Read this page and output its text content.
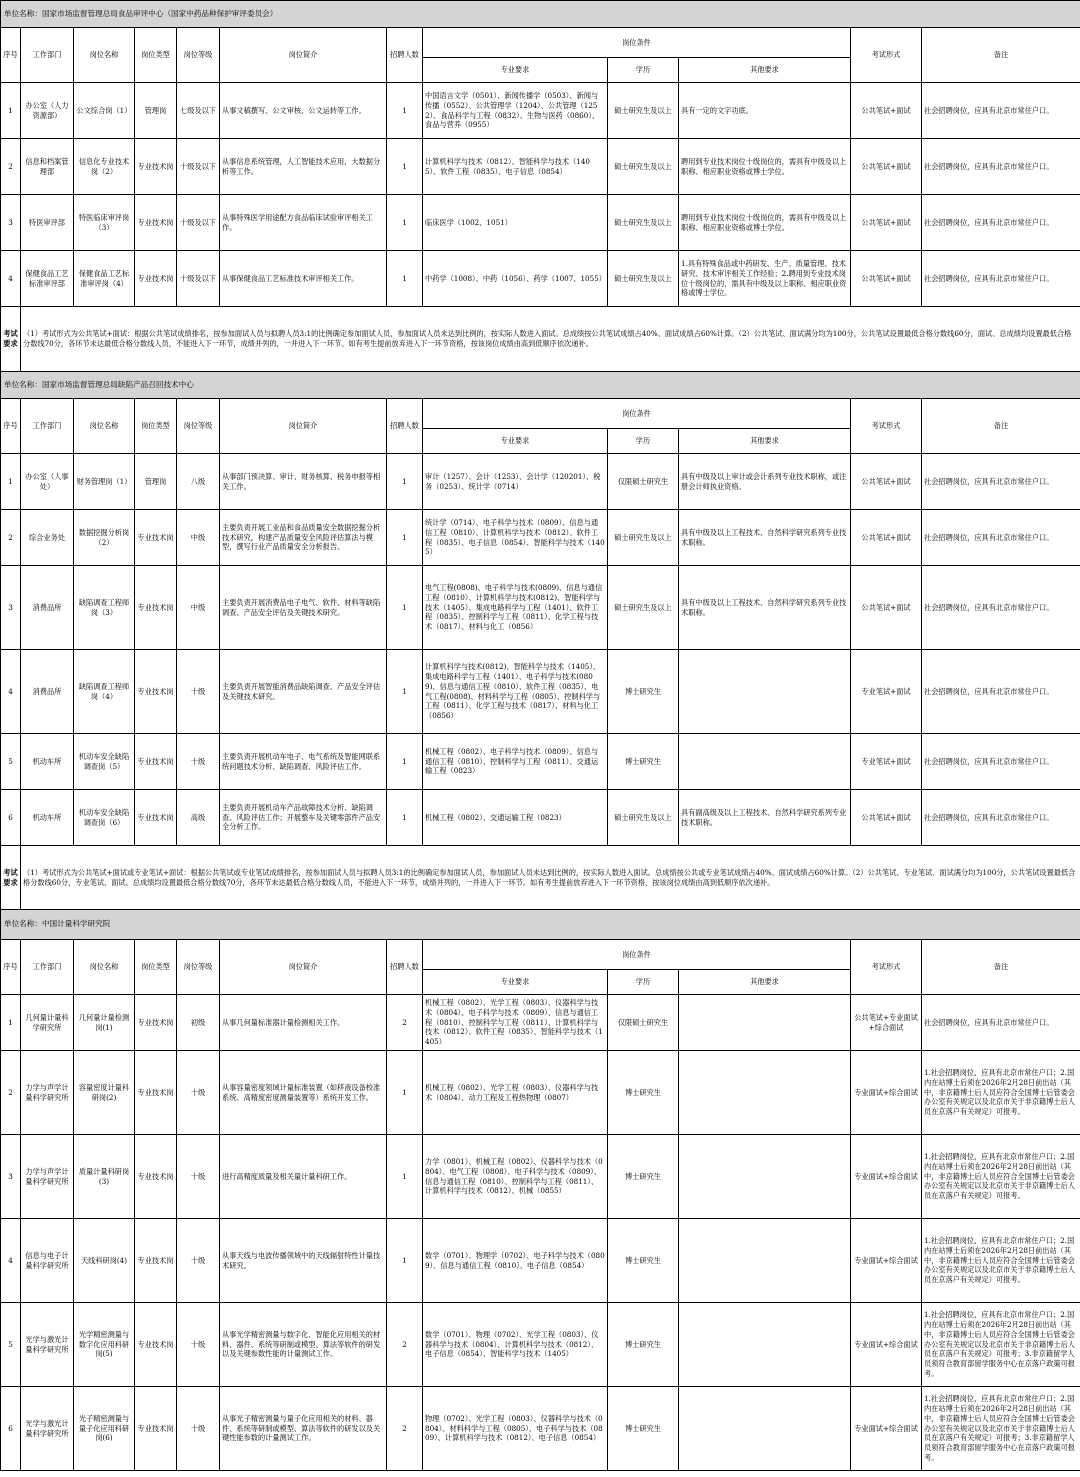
单位名称：国家市场监督管理总局食品审评中心（国家中药品种保护审评委员会）											
序号	工作部门	岗位名称	岗位类型	岗位等级	岗位简介	招聘人数	岗位条件			考试形式	备注
							专业要求	学历	其他要求		
1	办公室（人力资源部）	公文综合岗（1）	管理岗	七级及以下	从事文稿撰写、公文审核、公文运转等工作。	1	中国语言文学（0501）、新闻传播学（0503）、新闻与传播（0552）、公共管理学（1204）、公共管理（1252）、食品科学与工程（0832）、生物与医药（0860）、食品与营养（0955）	硕士研究生及以上	具有一定的文字功底。	公共笔试+面试	社会招聘岗位，应具有北京市常住户口。
2	信息和档案管理部	信息化专业技术岗（2）	专业技术岗	十级及以下	从事信息系统管理，人工智能技术应用，大数据分析等工作。	1	计算机科学与技术（0812）、智能科学与技术（1405）、软件工程（0835）、电子信息（0854）	硕士研究生及以上	聘用到专业技术岗位十级岗位的，需具有中级及以上职称、相应职业资格或博士学位。	公共笔试+面试	社会招聘岗位，应具有北京市常住户口。
3	特医审评部	特医临床审评岗（3）	专业技术岗	十级及以下	从事特殊医学用途配方食品临床试验审评相关工作。	1	临床医学（1002、1051）	硕士研究生及以上	聘用到专业技术岗位十级岗位的，需具有中级及以上职称、相应职业资格或博士学位。	公共笔试+面试	社会招聘岗位，应具有北京市常住户口。
4	保健食品工艺标准审评部	保健食品工艺标准审评岗（4）	专业技术岗	十级及以下	从事保健食品工艺标准技术审评相关工作。	1	中药学（1008）、中药（1056）、药学（1007、1055）	硕士研究生及以上	1.具有特殊食品或中药研发、生产、质量管理、技术研究、技术审评相关工作经验；2.聘用到专业技术岗位十级岗位的，需具有中级及以上职称、相应职业资格或博士学位。	公共笔试+面试	社会招聘岗位，应具有北京市常住户口。
考试要求	（1）考试形式为公共笔试+面试：根据公共笔试成绩排名，按参加面试人员与拟聘人员3:1的比例确定参加面试人员，参加面试人员未达到比例的，按实际人数进入面试。总成绩按公共笔试成绩占40%、面试成绩占60%计算。（2）公共笔试、面试满分均为100分，公共笔试设置最低合格分数线60分，面试、总成绩均设置最低合格分数线70分，各环节未达最低合格分数线人员，不能进入下一环节，成绩并列的，一并进入下一环节。如有考生提前放弃进入下一环节资格，按该岗位成绩由高到低顺序依次递补。										
单位名称：国家市场监督管理总局缺陷产品召回技术中心											
序号	工作部门	岗位名称	岗位类型	岗位等级	岗位简介	招聘人数	岗位条件			考试形式	备注
							专业要求	学历	其他要求		
1	办公室（人事处）	财务管理岗（1）	管理岗	八级	从事部门预决算、审计、财务核算、税务申报等相关工作。	1	审计（1257）、会计（1253）、会计学（120201）、税务（0253）、统计学（0714）	仅限硕士研究生	具有中级及以上审计或会计系列专业技术职称，或注册会计师执业资格。	公共笔试+面试	社会招聘岗位，应具有北京市常住户口。
2	综合业务处	数据挖掘分析岗（2）	专业技术岗	中级	主要负责开展工业品和食品质量安全数据挖掘分析技术研究，构建产品质量安全风险评估算法与模型，撰写行业产品质量安全分析报告。	1	统计学（0714）、电子科学与技术（0809）、信息与通信工程（0810）、计算机科学与技术（0812）、软件工程（0835）、电子信息（0854）、智能科学与技术（1405）	硕士研究生及以上	具有中级及以上工程技术、自然科学研究系列专业技术职称。	公共笔试+面试	社会招聘岗位，应具有北京市常住户口。
3	消费品所	缺陷调查工程师岗（3）	专业技术岗	中级	主要负责开展消费品电子电气、软件、材料等缺陷调查、产品安全评估及关键技术研究。	1	电气工程(0808)、电子科学与技术(0809)、信息与通信工程（0810）、计算机科学与技术(0812)、智能科学与技术（1405）、集成电路科学与工程（1401）、软件工程（0835）、控制科学与工程（0811）、化学工程与技术（0817）、材料与化工（0856）	硕士研究生及以上	具有中级及以上工程技术、自然科学研究系列专业技术职称。	公共笔试+面试	社会招聘岗位，应具有北京市常住户口。
4	消费品所	缺陷调查工程师岗（4）	专业技术岗	十级	主要负责开展智能消费品缺陷调查、产品安全评估及关键技术研究。	1	计算机科学与技术(0812)、智能科学与技术（1405）、集成电路科学与工程（1401）、电子科学与技术(0809)、信息与通信工程（0810）、软件工程（0835）、电气工程(0808)、材料科学与工程（0805）、控制科学与工程（0811）、化学工程与技术（0817）、材料与化工（0856）	博士研究生		专业笔试+面试	社会招聘岗位，应具有北京市常住户口。
5	机动车所	机动车安全缺陷调查岗（5）	专业技术岗	十级	主要负责开展机动车电子、电气系统及智能网联系统问题技术分析、缺陷调查、风险评估工作。	1	机械工程（0802）、电子科学与技术（0809）、信息与通信工程（0810）、控制科学与工程（0811）、交通运输工程（0823）	博士研究生		专业笔试+面试	社会招聘岗位，应具有北京市常住户口。
6	机动车所	机动车安全缺陷调查岗（6）	专业技术岗	高级	主要负责开展机动车产品故障技术分析、缺陷调查、风险评估工作；开展整车及关键零部件产品安全分析工作。	1	机械工程（0802）、交通运输工程（0823）	硕士研究生及以上	具有副高级及以上工程技术、自然科学研究系列专业技术职称。	公共笔试+面试	社会招聘岗位，应具有北京市常住户口。
考试要求	（1）考试形式为公共笔试+面试或专业笔试+面试：根据公共笔试或专业笔试成绩排名，按参加面试人员与拟聘人员3:1的比例确定参加面试人员，参加面试人员未达到比例的，按实际人数进入面试。总成绩按公共或专业笔试成绩占40%、面试成绩占60%计算。（2）公共笔试、专业笔试、面试满分均为100分，公共笔试设置最低合格分数线60分，专业笔试、面试、总成绩均设置最低合格分数线70分，各环节未达最低合格分数线人员，不能进入下一环节，成绩并列的，一并进入下一环节。如有考生提前放弃进入下一环节资格，按该岗位成绩由高到低顺序依次递补。										
单位名称：中国计量科学研究院											
序号	工作部门	岗位名称	岗位类型	岗位等级	岗位简介	招聘人数	岗位条件			考试形式	备注
							专业要求	学历	其他要求		
1	几何量计量科学研究所	几何量计量检测岗(1)	专业技术岗	初级	从事几何量标准器计量检测相关工作。	2	机械工程（0802）、光学工程（0803）、仪器科学与技术（0804）、电子科学与技术（0809）、信息与通信工程（0810）、控制科学与工程（0811）、计算机科学与技术（0812）、软件工程（0835）、智能科学与技术（1405）	仅限硕士研究生		公共笔试+专业面试+综合面试	社会招聘岗位，应具有北京市常住户口。
2	力学与声学计量科学研究所	容量密度计量科研岗(2)	专业技术岗	十级	从事容量密度领域计量标准装置（如移液设备校准系统、高精度密度测量装置等）系统开发工作。	1	机械工程（0802）、光学工程（0803）、仪器科学与技术（0804）、动力工程及工程热物理（0807）	博士研究生		专业面试+综合面试	1.社会招聘岗位，应具有北京市常住户口；2.国内在站博士后须在2026年2月28日前出站（其中，非京籍博士后人员应符合全国博士后管委会办公室有关规定以及北京市关于非京籍博士后人员在京落户有关规定）可报考。
3	力学与声学计量科学研究所	质量计量科研岗(3)	专业技术岗	十级	进行高精度质量及相关量计量科研工作。	1	力学（0801）、机械工程（0802）、仪器科学与技术（0804）、电气工程（0808）、电子科学与技术（0809）、信息与通信工程（0810）、控制科学与工程（0811）、计算机科学与技术（0812）、机械（0855）	博士研究生		专业面试+综合面试	1.社会招聘岗位，应具有北京市常住户口；2.国内在站博士后须在2026年2月28日前出站（其中，非京籍博士后人员应符合全国博士后管委会办公室有关规定以及北京市关于非京籍博士后人员在京落户有关规定）可报考。
4	信息与电子计量科学研究所	天线科研岗(4)	专业技术岗	十级	从事天线与电波传播领域中的天线辐射特性计量技术研究。	1	数学（0701）、物理学（0702）、电子科学与技术（0809）、信息与通信工程（0810）、电子信息（0854）	博士研究生		专业面试+综合面试	1.社会招聘岗位，应具有北京市常住户口；2.国内在站博士后须在2026年2月28日前出站（其中，非京籍博士后人员应符合全国博士后管委会办公室有关规定以及北京市关于非京籍博士后人员在京落户有关规定）可报考。
5	光学与激光计量科学研究所	光学精密测量与数字化应用科研岗(5)	专业技术岗	十级	从事光学精密测量与数字化、智能化应用相关的材料、器件、系统等研制或模型、算法等软件的研发以及关键参数性能的计量测试工作。	2	数学（0701）、物理（0702）、光学工程（0803）、仪器科学与技术（0804）、计算机科学与技术（0812）、电子信息（0854）、智能科学与技术（1405）	博士研究生		专业面试+综合面试	1.社会招聘岗位，应具有北京市常住户口；2.国内在站博士后须在2026年2月28日前出站（其中，非京籍博士后人员应符合全国博士后管委会办公室有关规定以及北京市关于非京籍博士后人员在京落户有关规定）可报考；3.非京籍留学人员须符合教育部留学服务中心在京落户政策可报考。
6	光学与激光计量科学研究所	光子精密测量与量子化应用科研岗(6)	专业技术岗	十级	从事光子精密测量与量子化应用相关的材料、器件、系统等研制或模型、算法等软件的研发以及关键性能参数的计量测试工作。	2	物理（0702）、光学工程（0803）、仪器科学与技术（0804）、材料科学与工程（0805）、电子科学与技术（0809）、计算机科学与技术（0812）、电子信息（0854）	博士研究生		专业面试+综合面试	1.社会招聘岗位，应具有北京市常住户口；2.国内在站博士后须在2026年2月28日前出站（其中，非京籍博士后人员应符合全国博士后管委会办公室有关规定以及北京市关于非京籍博士后人员在京落户有关规定）可报考；3.非京籍留学人员须符合教育部留学服务中心在京落户政策可报考。
